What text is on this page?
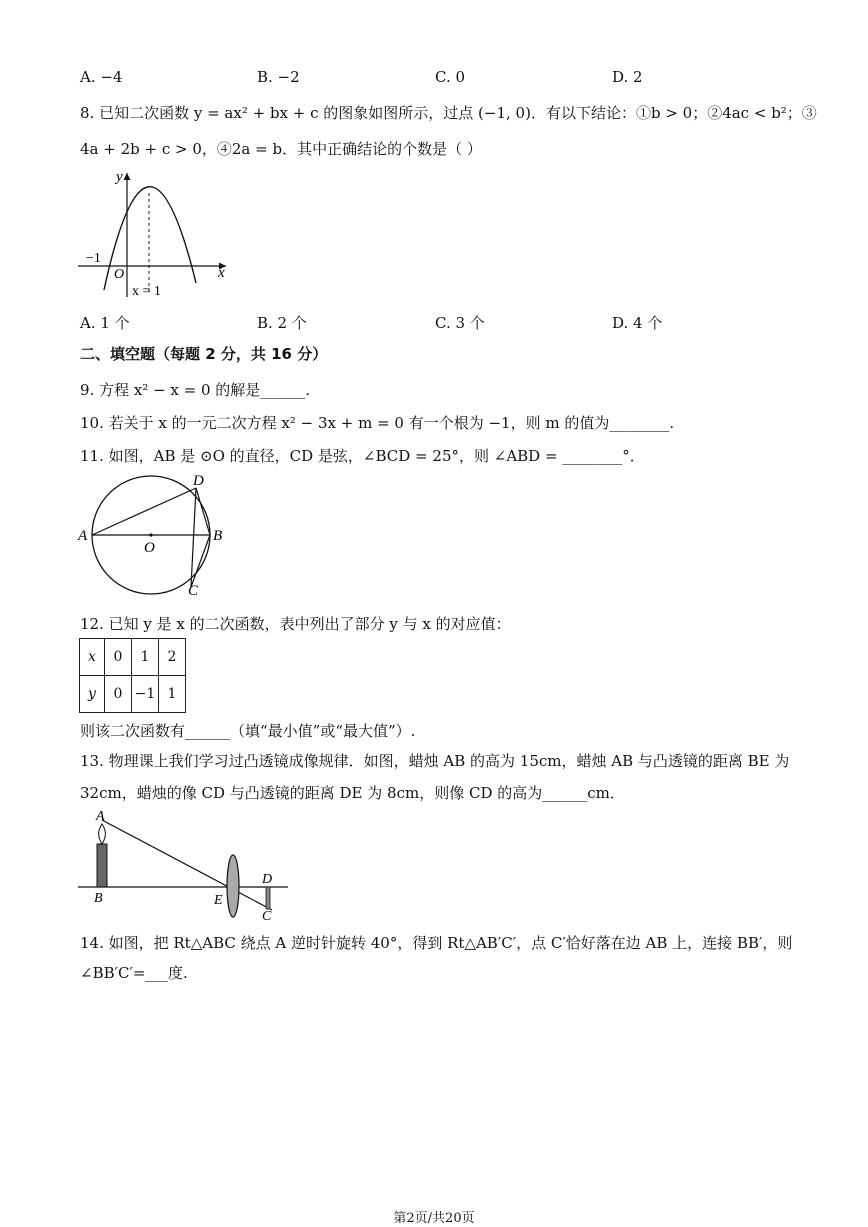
A. −4	B. −2	C. 0	D. 2
8. 已知二次函数 y = ax² + bx + c 的图象如图所示，过点 (−1, 0)．有以下结论：①b > 0；②4ac < b²；③
4a + 2b + c > 0，④2a = b．其中正确结论的个数是（ ）
y
x
O
−1
x = 1
A. 1 个	B. 2 个	C. 3 个	D. 4 个
二、填空题（每题 2 分，共 16 分）
9. 方程 x² − x = 0 的解是______.
10. 若关于 x 的一元二次方程 x² − 3x + m = 0 有一个根为 −1，则 m 的值为________.
11. 如图，AB 是 ⊙O 的直径，CD 是弦，∠BCD = 25°，则 ∠ABD = ________°．
A	B
C
D
O
12. 已知 y 是 x 的二次函数，表中列出了部分 y 与 x 的对应值：
x	0	1	2
y	0	−1	1
则该二次函数有______（填“最小值”或“最大值”）.
13. 物理课上我们学习过凸透镜成像规律．如图，蜡烛 AB 的高为 15cm，蜡烛 AB 与凸透镜的距离 BE 为
32cm，蜡烛的像 CD 与凸透镜的距离 DE 为 8cm，则像 CD 的高为______cm．
A
B	E
D
C
14. 如图，把 Rt△ABC 绕点 A 逆时针旋转 40°，得到 Rt△AB′C′，点 C′恰好落在边 AB 上，连接 BB′，则
∠BB′C′=___度.
第2页/共20页
